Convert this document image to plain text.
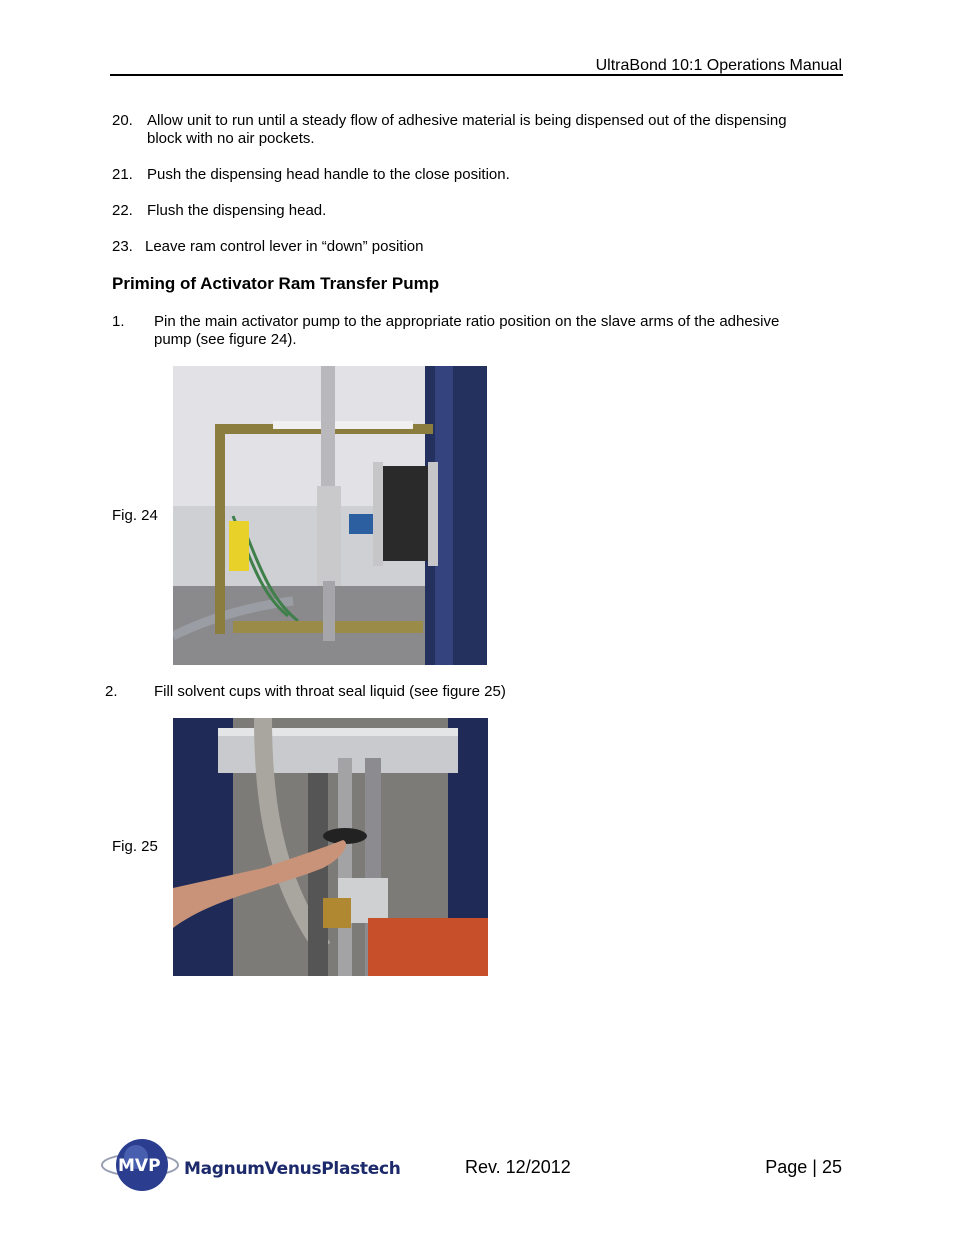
UltraBond 10:1 Operations Manual
20. Allow unit to run until a steady flow of adhesive material is being dispensed out of the dispensing
block with no air pockets.
21. Push the dispensing head handle to the close position.
22. Flush the dispensing head.
23. Leave ram control lever in “down” position
Priming of Activator Ram Transfer Pump
1. Pin the main activator pump to the appropriate ratio position on the slave arms of the adhesive
pump (see figure 24).
Fig. 24
2. Fill solvent cups with throat seal liquid (see figure 25)
Fig. 25
MVP MagnumVenusPlastech	Rev. 12/2012	Page | 25
